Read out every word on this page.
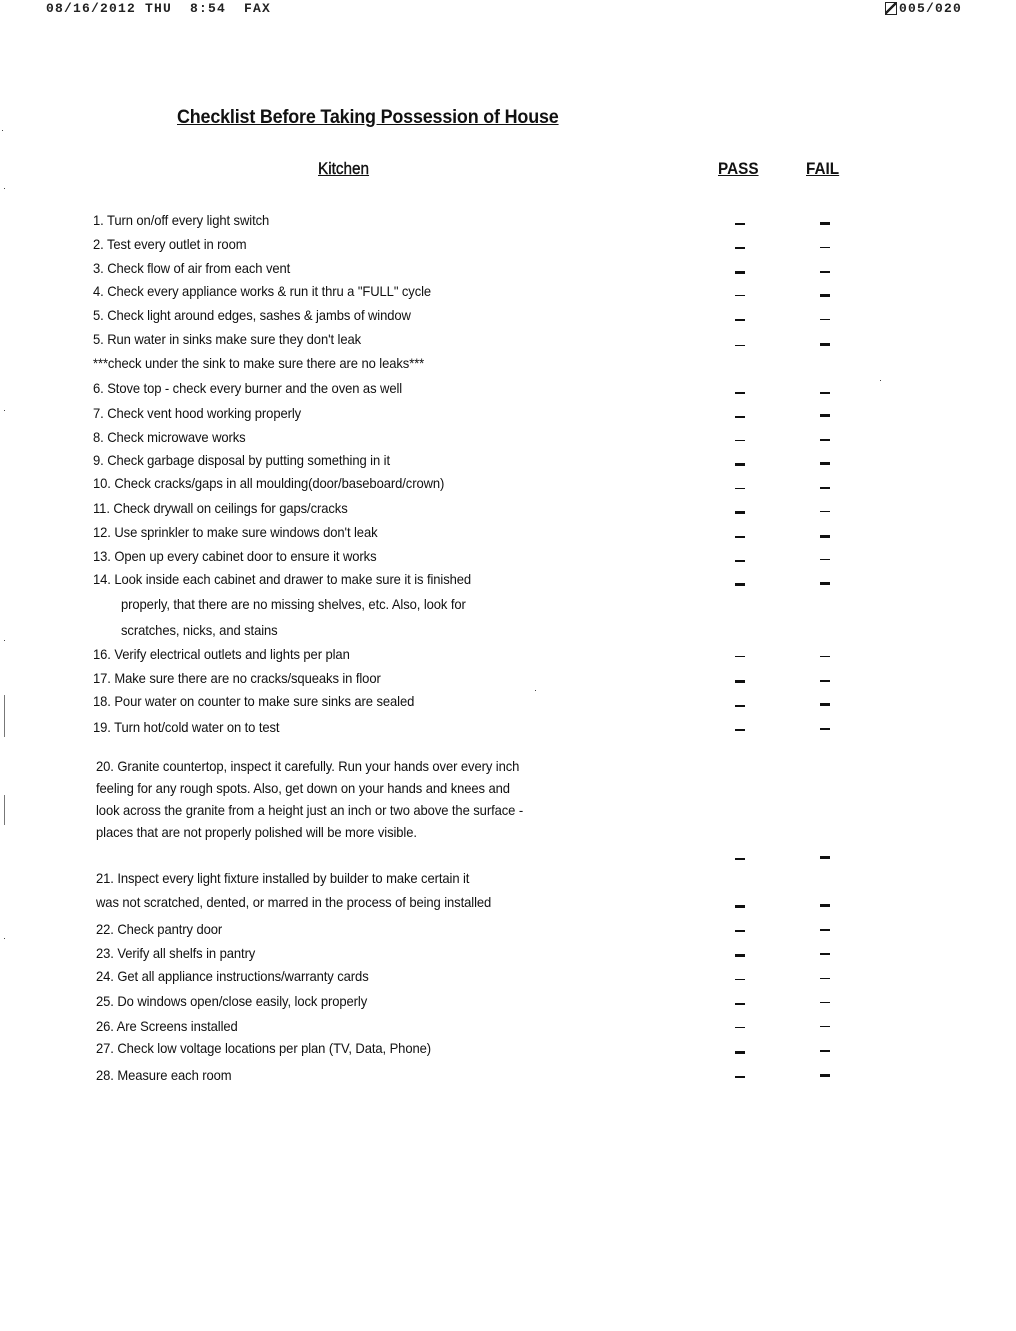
08/16/2012 THU  8:54  FAX	005/020
Checklist Before Taking Possession of House
Kitchen	PASS	FAIL
1. Turn on/off every light switch
2. Test every outlet in room
3. Check flow of air from each vent
4. Check every appliance works & run it thru a "FULL" cycle
5. Check light around edges, sashes & jambs of window
5. Run water in sinks make sure they don't leak
***check under the sink to make sure there are no leaks***
6. Stove top - check every burner and the oven as well
7. Check vent hood working properly
8. Check microwave works
9. Check garbage disposal by putting something in it
10. Check cracks/gaps in all moulding(door/baseboard/crown)
11. Check drywall on ceilings for gaps/cracks
12. Use sprinkler to make sure windows don't leak
13. Open up every cabinet door to ensure it works
14. Look inside each cabinet and drawer to make sure it is finished
properly, that there are no missing shelves, etc. Also, look for
scratches, nicks, and stains
16. Verify electrical outlets and lights per plan
17. Make sure there are no cracks/squeaks in floor
18. Pour water on counter to make sure sinks are sealed
19. Turn hot/cold water on to test
20. Granite countertop, inspect it carefully. Run your hands over every inch
feeling for any rough spots. Also, get down on your hands and knees and
look across the granite from a height just an inch or two above the surface -
places that are not properly polished will be more visible.
21. Inspect every light fixture installed by builder to make certain it
was not scratched, dented, or marred in the process of being installed
22. Check pantry door
23. Verify all shelfs in pantry
24. Get all appliance instructions/warranty cards
25. Do windows open/close easily, lock properly
26. Are Screens installed
27. Check low voltage locations per plan (TV, Data, Phone)
28. Measure each room
